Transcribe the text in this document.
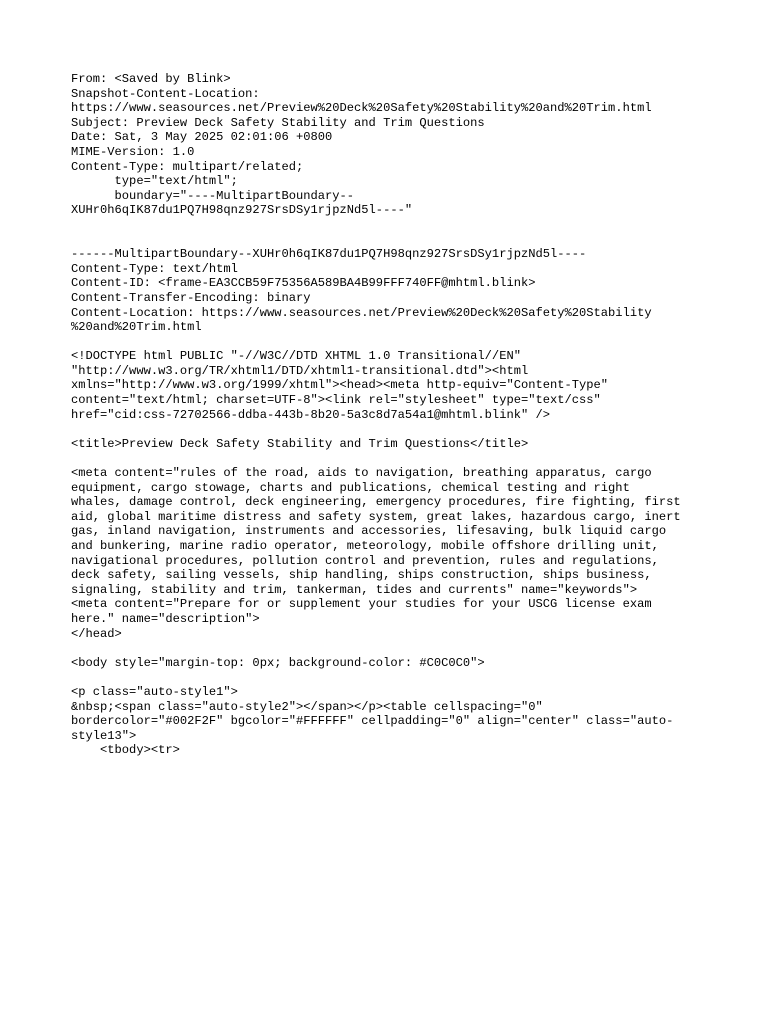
From: <Saved by Blink>
Snapshot-Content-Location:
https://www.seasources.net/Preview%20Deck%20Safety%20Stability%20and%20Trim.html
Subject: Preview Deck Safety Stability and Trim Questions
Date: Sat, 3 May 2025 02:01:06 +0800
MIME-Version: 1.0
Content-Type: multipart/related;
type="text/html";
boundary="----MultipartBoundary--
XUHr0h6qIK87du1PQ7H98qnz927SrsDSy1rjpzNd5l----"
------MultipartBoundary--XUHr0h6qIK87du1PQ7H98qnz927SrsDSy1rjpzNd5l----
Content-Type: text/html
Content-ID: <frame-EA3CCB59F75356A589BA4B99FFF740FF@mhtml.blink>
Content-Transfer-Encoding: binary
Content-Location: https://www.seasources.net/Preview%20Deck%20Safety%20Stability
%20and%20Trim.html
<!DOCTYPE html PUBLIC "-//W3C//DTD XHTML 1.0 Transitional//EN"
"http://www.w3.org/TR/xhtml1/DTD/xhtml1-transitional.dtd"><html
xmlns="http://www.w3.org/1999/xhtml"><head><meta http-equiv="Content-Type"
content="text/html; charset=UTF-8"><link rel="stylesheet" type="text/css"
href="cid:css-72702566-ddba-443b-8b20-5a3c8d7a54a1@mhtml.blink" />
<title>Preview Deck Safety Stability and Trim Questions</title>
<meta content="rules of the road, aids to navigation, breathing apparatus, cargo
equipment, cargo stowage, charts and publications, chemical testing and right
whales, damage control, deck engineering, emergency procedures, fire fighting, first
aid, global maritime distress and safety system, great lakes, hazardous cargo, inert
gas, inland navigation, instruments and accessories, lifesaving, bulk liquid cargo
and bunkering, marine radio operator, meteorology, mobile offshore drilling unit,
navigational procedures, pollution control and prevention, rules and regulations,
deck safety, sailing vessels, ship handling, ships construction, ships business,
signaling, stability and trim, tankerman, tides and currents" name="keywords">
<meta content="Prepare for or supplement your studies for your USCG license exam
here." name="description">
</head>
<body style="margin-top: 0px; background-color: #C0C0C0">
<p class="auto-style1">
&nbsp;<span class="auto-style2"></span></p><table cellspacing="0"
bordercolor="#002F2F" bgcolor="#FFFFFF" cellpadding="0" align="center" class="auto-
style13">
<tbody><tr>
